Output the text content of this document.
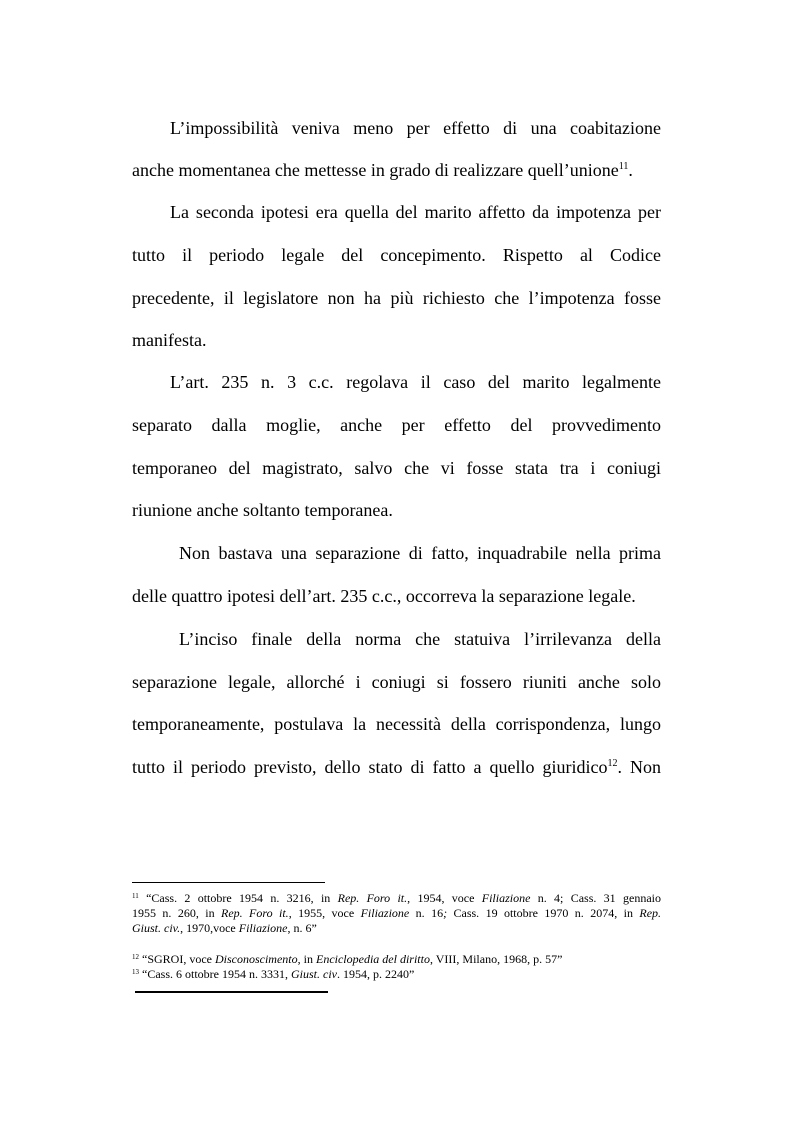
L’impossibilità veniva meno per effetto di una coabitazione
anche momentanea che mettesse in grado di realizzare quell’unione$^{11}$.
La seconda ipotesi era quella del marito affetto da impotenza per
tutto il periodo legale del concepimento. Rispetto al Codice
precedente, il legislatore non ha più richiesto che l’impotenza fosse
manifesta.
L’art. 235 n. 3 c.c. regolava il caso del marito legalmente
separato dalla moglie, anche per effetto del provvedimento
temporaneo del magistrato, salvo che vi fosse stata tra i coniugi
riunione anche soltanto temporanea.
Non bastava una separazione di fatto, inquadrabile nella prima
delle quattro ipotesi dell’art. 235 c.c., occorreva la separazione legale.
L’inciso finale della norma che statuiva l’irrilevanza della
separazione legale, allorché i coniugi si fossero riuniti anche solo
temporaneamente, postulava la necessità della corrispondenza, lungo
tutto il periodo previsto, dello stato di fatto a quello giuridico$^{12}$. Non
$^{11}$ “Cass. 2 ottobre 1954 n. 3216, in Rep. Foro it., 1954, voce Filiazione n. 4; Cass. 31 gennaio
1955 n. 260, in Rep. Foro it., 1955, voce Filiazione n. 16; Cass. 19 ottobre 1970 n. 2074, in Rep.
Giust. civ., 1970,voce Filiazione, n. 6”
$^{12}$ “SGROI, voce Disconoscimento, in Enciclopedia del diritto, VIII, Milano, 1968, p. 57”
$^{13}$ “Cass. 6 ottobre 1954 n. 3331, Giust. civ. 1954, p. 2240”
